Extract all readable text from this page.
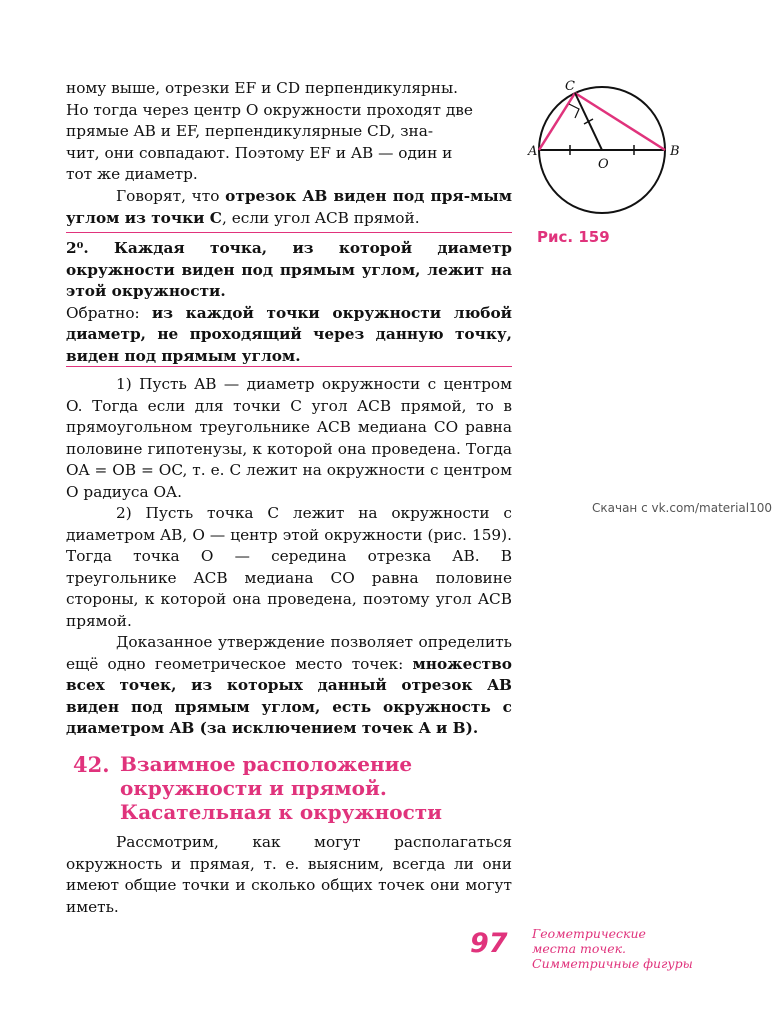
ному выше, отрезки EF и CD перпендикулярны.
Но тогда через центр O окружности проходят две
прямые AB и EF, перпендикулярные CD, зна-
чит, они совпадают. Поэтому EF и AB — один и
тот же диаметр.

Говорят, что отрезок AB виден под пря-мым углом из точки C, если угол ACB прямой.

2⁰. Каждая точка, из которой диаметр окружности виден под прямым углом, лежит на этой окружности.

Обратно: из каждой точки окружности любой диаметр, не проходящий через данную точку, виден под прямым углом.

1) Пусть AB — диаметр окружности с центром O. Тогда если для точки C угол ACB прямой, то в прямоугольном треугольнике ACB медиана CO равна половине гипотенузы, к которой она проведена. Тогда OA = OB = OC, т. е. C лежит на окружности с центром O радиуса OA.

2) Пусть точка C лежит на окружности с диаметром AB, O — центр этой окружности (рис. 159). Тогда точка O — середина отрезка AB. В треугольнике ACB медиана CO равна половине стороны, к которой она проведена, поэтому угол ACB прямой.

Доказанное утверждение позволяет определить ещё одно геометрическое место точек: множество всех точек, из которых данный отрезок AB виден под прямым углом, есть окружность с диаметром AB (за исключением точек A и B).

42. Взаимное расположение
окружности и прямой.
Касательная к окружности

Рассмотрим, как могут располагаться окружность и прямая, т. е. выясним, всегда ли они имеют общие точки и сколько общих точек они могут иметь.

A	B
C
O
Рис. 159
Скачан с vk.com/material100
97 Геометрические
места точек.
Симметричные фигуры
